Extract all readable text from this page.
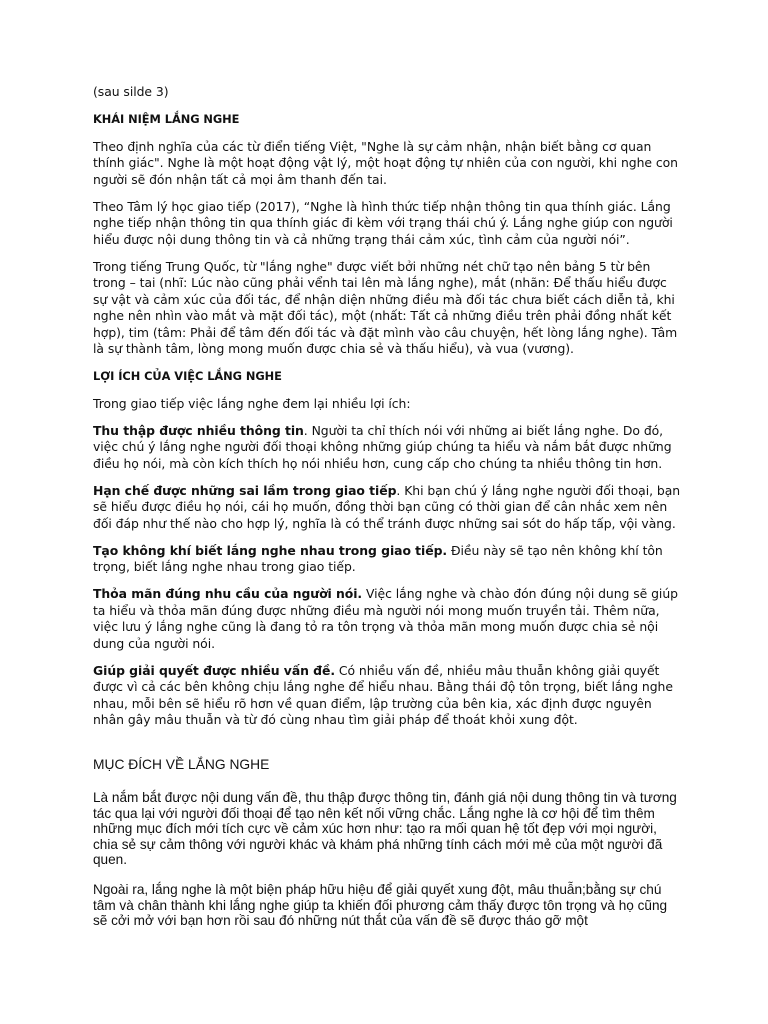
(sau silde 3)

KHÁI NIỆM LẮNG NGHE

Theo định nghĩa của các từ điển tiếng Việt, "Nghe là sự cảm nhận, nhận biết bằng cơ quan thính giác". Nghe là một hoạt động vật lý, một hoạt động tự nhiên của con người, khi nghe con người sẽ đón nhận tất cả mọi âm thanh đến tai.

Theo Tâm lý học giao tiếp (2017), “Nghe là hình thức tiếp nhận thông tin qua thính giác. Lắng nghe tiếp nhận thông tin qua thính giác đi kèm với trạng thái chú ý. Lắng nghe giúp con người hiểu được nội dung thông tin và cả những trạng thái cảm xúc, tình cảm của người nói”.

Trong tiếng Trung Quốc, từ "lắng nghe" được viết bởi những nét chữ tạo nên bảng 5 từ bên trong – tai (nhĩ: Lúc nào cũng phải vểnh tai lên mà lắng nghe), mắt (nhãn: Để thấu hiểu được sự vật và cảm xúc của đối tác, để nhận diện những điều mà đối tác chưa biết cách diễn tả, khi nghe nên nhìn vào mắt và mặt đối tác), một (nhất: Tất cả những điều trên phải đồng nhất kết hợp), tim (tâm: Phải để tâm đến đối tác và đặt mình vào câu chuyện, hết lòng lắng nghe). Tâm là sự thành tâm, lòng mong muốn được chia sẻ và thấu hiểu), và vua (vương).

LỢI ÍCH CỦA VIỆC LẮNG NGHE

Trong giao tiếp việc lắng nghe đem lại nhiều lợi ích:

Thu thập được nhiều thông tin. Người ta chỉ thích nói với những ai biết lắng nghe. Do đó, việc chú ý lắng nghe người đối thoại không những giúp chúng ta hiểu và nắm bắt được những điều họ nói, mà còn kích thích họ nói nhiều hơn, cung cấp cho chúng ta nhiều thông tin hơn.

Hạn chế được những sai lầm trong giao tiếp. Khi bạn chú ý lắng nghe người đối thoại, bạn sẽ hiểu được điều họ nói, cái họ muốn, đồng thời bạn cũng có thời gian để cân nhắc xem nên đối đáp như thế nào cho hợp lý, nghĩa là có thể tránh được những sai sót do hấp tấp, vội vàng.

Tạo không khí biết lắng nghe nhau trong giao tiếp. Điều này sẽ tạo nên không khí tôn trọng, biết lắng nghe nhau trong giao tiếp.

Thỏa mãn đúng nhu cầu của người nói. Việc lắng nghe và chào đón đúng nội dung sẽ giúp ta hiểu và thỏa mãn đúng được những điều mà người nói mong muốn truyền tải. Thêm nữa, việc lưu ý lắng nghe cũng là đang tỏ ra tôn trọng và thỏa mãn mong muốn được chia sẻ nội dung của người nói.

Giúp giải quyết được nhiều vấn đề. Có nhiều vấn đề, nhiều mâu thuẫn không giải quyết được vì cả các bên không chịu lắng nghe để hiểu nhau. Bằng thái độ tôn trọng, biết lắng nghe nhau, mỗi bên sẽ hiểu rõ hơn về quan điểm, lập trường của bên kia, xác định được nguyên nhân gây mâu thuẫn và từ đó cùng nhau tìm giải pháp để thoát khỏi xung đột.

MỤC ĐÍCH VỀ LẮNG NGHE

Là nắm bắt được nội dung vấn đề, thu thập được thông tin, đánh giá nội dung thông tin và tương tác qua lại với người đối thoại để tạo nên kết nối vững chắc. Lắng nghe là cơ hội để tìm thêm những mục đích mới tích cực về cảm xúc hơn như: tạo ra mối quan hệ tốt đẹp với mọi người, chia sẻ sự cảm thông với người khác và khám phá những tính cách mới mẻ của một người đã quen.

Ngoài ra, lắng nghe là một biện pháp hữu hiệu để giải quyết xung đột, mâu thuẫn;bằng sự chú tâm và chân thành khi lắng nghe giúp ta khiến đối phương cảm thấy được tôn trọng và họ cũng sẽ cởi mở với bạn hơn rồi sau đó những nút thắt của vấn đề sẽ được tháo gỡ một
